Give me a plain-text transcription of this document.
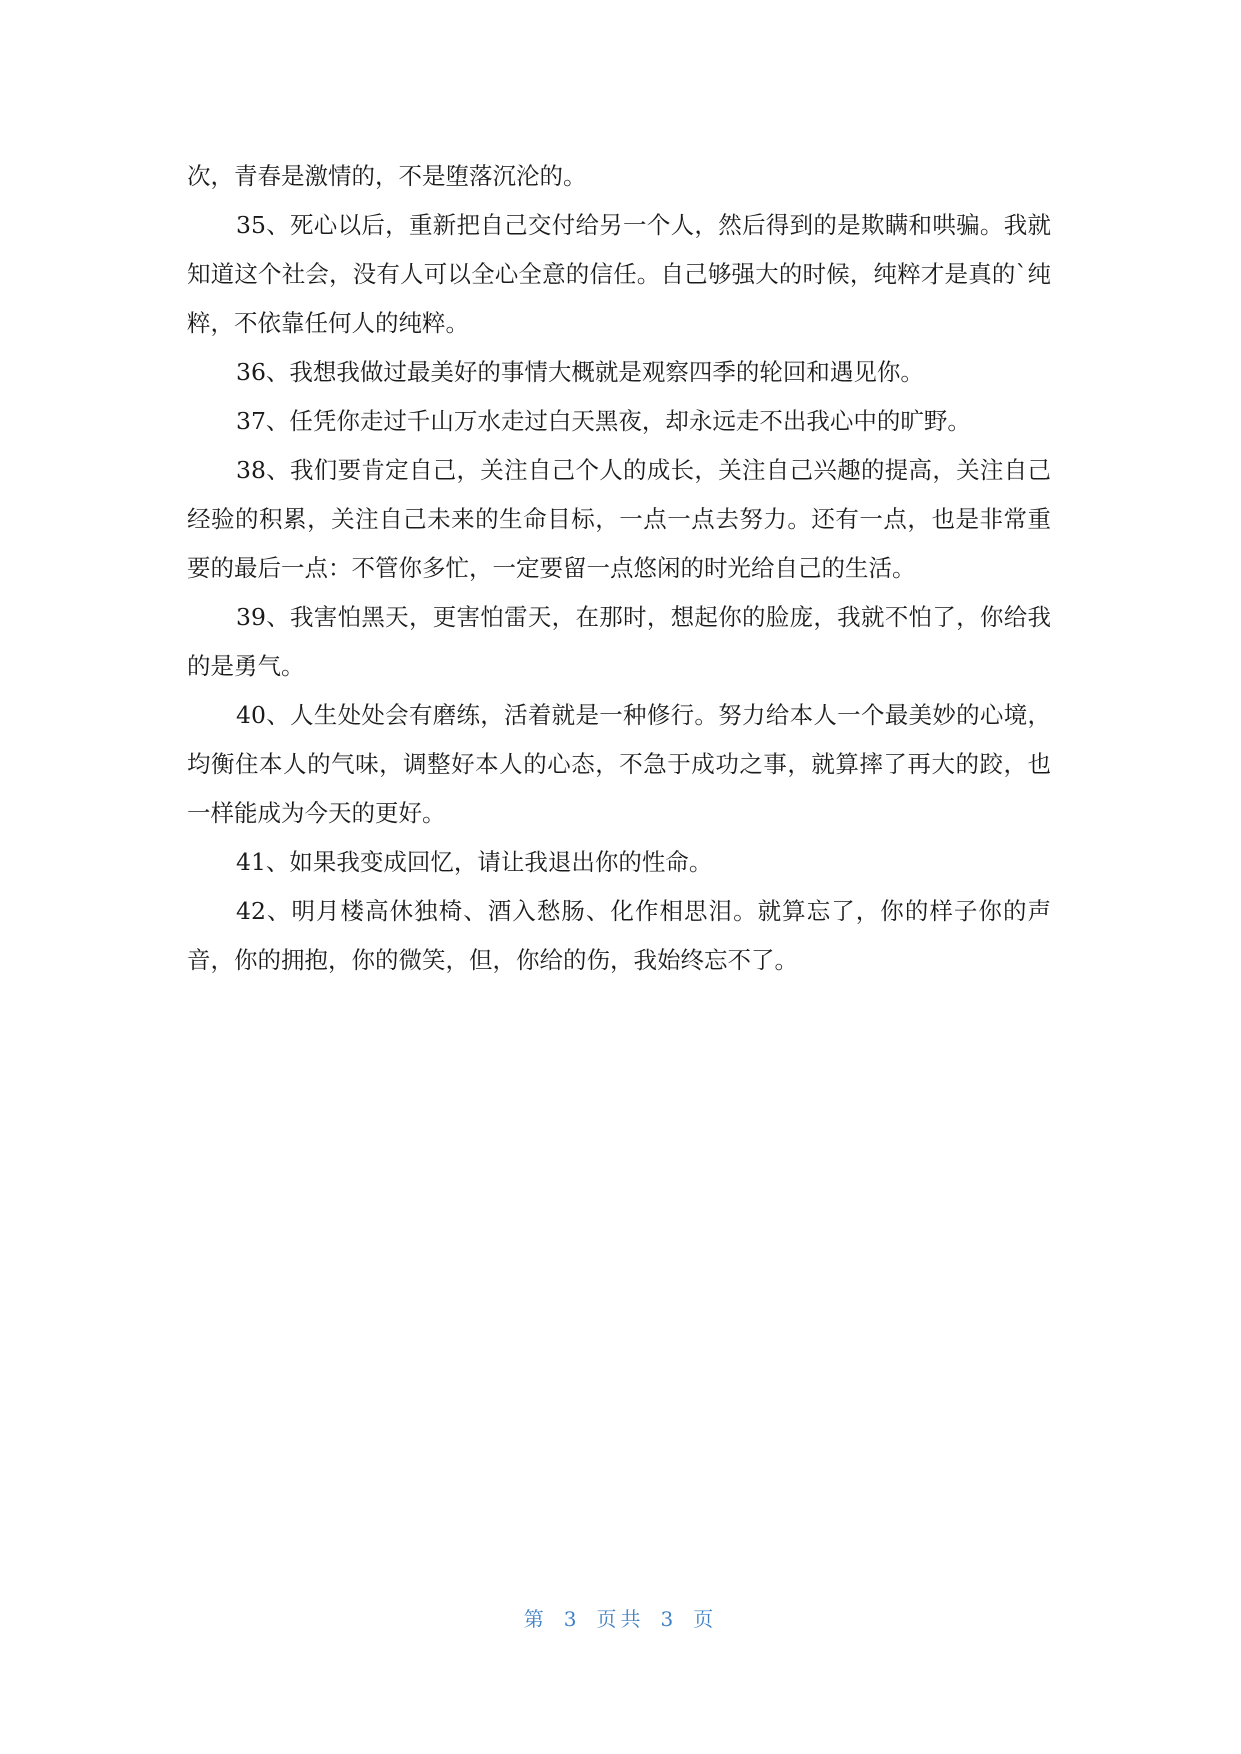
次，青春是激情的，不是堕落沉沦的。

35、死心以后，重新把自己交付给另一个人，然后得到的是欺瞒和哄骗。我就知道这个社会，没有人可以全心全意的信任。自己够强大的时候，纯粹才是真的`纯粹，不依靠任何人的纯粹。

36、我想我做过最美好的事情大概就是观察四季的轮回和遇见你。

37、任凭你走过千山万水走过白天黑夜，却永远走不出我心中的旷野。

38、我们要肯定自己，关注自己个人的成长，关注自己兴趣的提高，关注自己经验的积累，关注自己未来的生命目标，一点一点去努力。还有一点，也是非常重要的最后一点：不管你多忙，一定要留一点悠闲的时光给自己的生活。

39、我害怕黑天，更害怕雷天，在那时，想起你的脸庞，我就不怕了，你给我的是勇气。

40、人生处处会有磨练，活着就是一种修行。努力给本人一个最美妙的心境，均衡住本人的气味，调整好本人的心态，不急于成功之事，就算摔了再大的跤，也一样能成为今天的更好。

41、如果我变成回忆，请让我退出你的性命。

42、明月楼高休独椅、酒入愁肠、化作相思泪。就算忘了，你的样子你的声音，你的拥抱，你的微笑，但，你给的伤，我始终忘不了。

第 3 页共 3 页
